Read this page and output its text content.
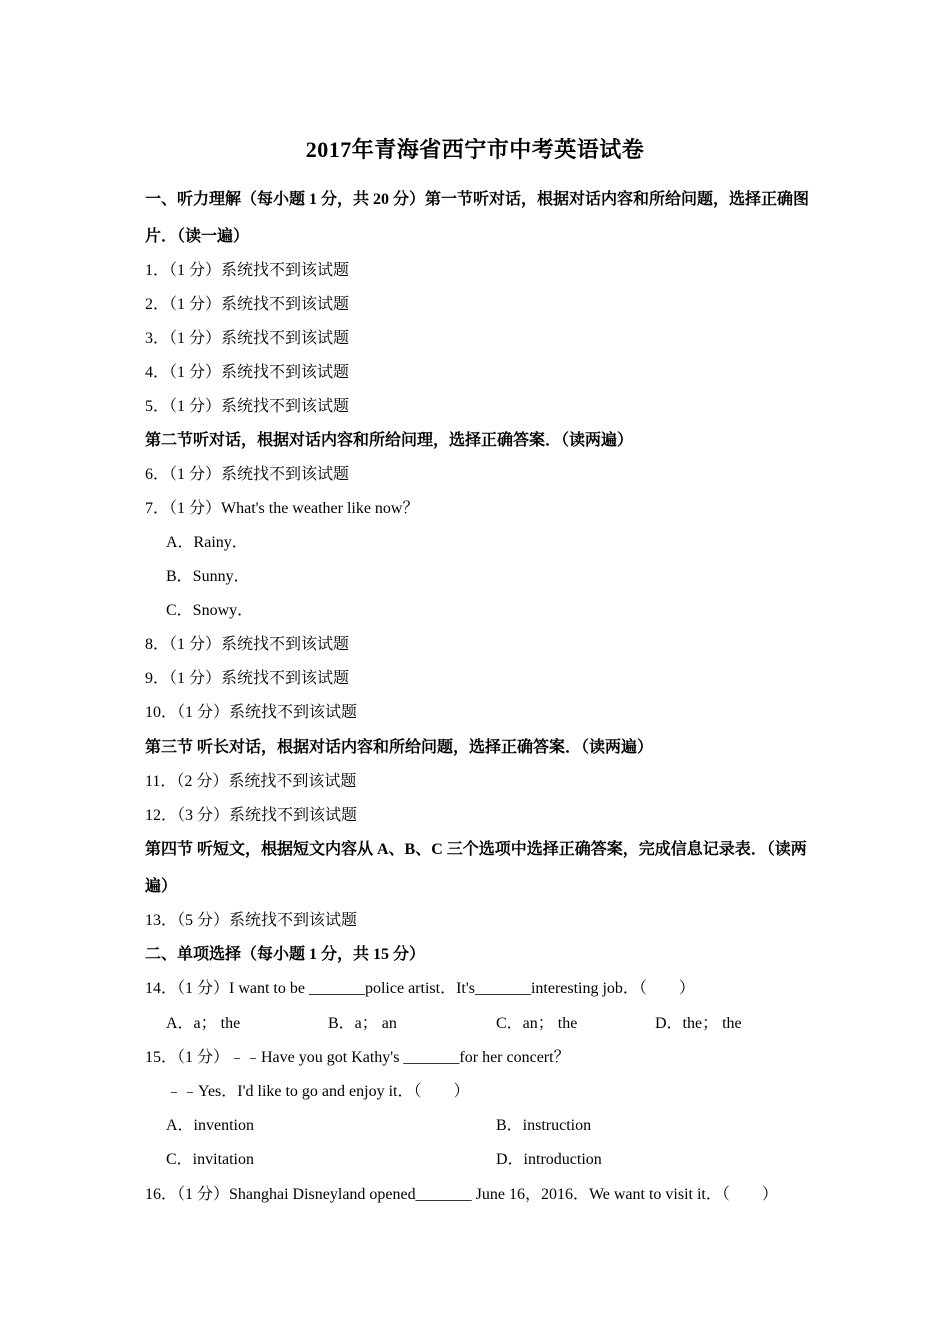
2017年青海省西宁市中考英语试卷
一、听力理解（每小题 1 分，共 20 分）第一节听对话，根据对话内容和所给问题，选择正确图
片．（读一遍）
1．（1 分）系统找不到该试题
2．（1 分）系统找不到该试题
3．（1 分）系统找不到该试题
4．（1 分）系统找不到该试题
5．（1 分）系统找不到该试题
第二节听对话，根据对话内容和所给问理，选择正确答案．（读两遍）
6．（1 分）系统找不到该试题
7．（1 分）What's the weather like now？
A．Rainy．
B．Sunny．
C．Snowy．
8．（1 分）系统找不到该试题
9．（1 分）系统找不到该试题
10．（1 分）系统找不到该试题
第三节 听长对话，根据对话内容和所给问题，选择正确答案．（读两遍）
11．（2 分）系统找不到该试题
12．（3 分）系统找不到该试题
第四节 听短文，根据短文内容从 A、B、C 三个选项中选择正确答案，完成信息记录表．（读两
遍）
13．（5 分）系统找不到该试题
二、单项选择（每小题 1 分，共 15 分）
14．（1 分）I want to be _______police artist．It's_______interesting job．（　　）
A．a； the	B．a； an	C．an； the	D．the； the
15．（1 分）﹣﹣Have you got Kathy's _______for her concert？
﹣﹣Yes．I'd like to go and enjoy it．（　　）
A．invention	B．instruction
C．invitation	D．introduction
16．（1 分）Shanghai Disneyland opened_______ June 16，2016．We want to visit it．（　　）
